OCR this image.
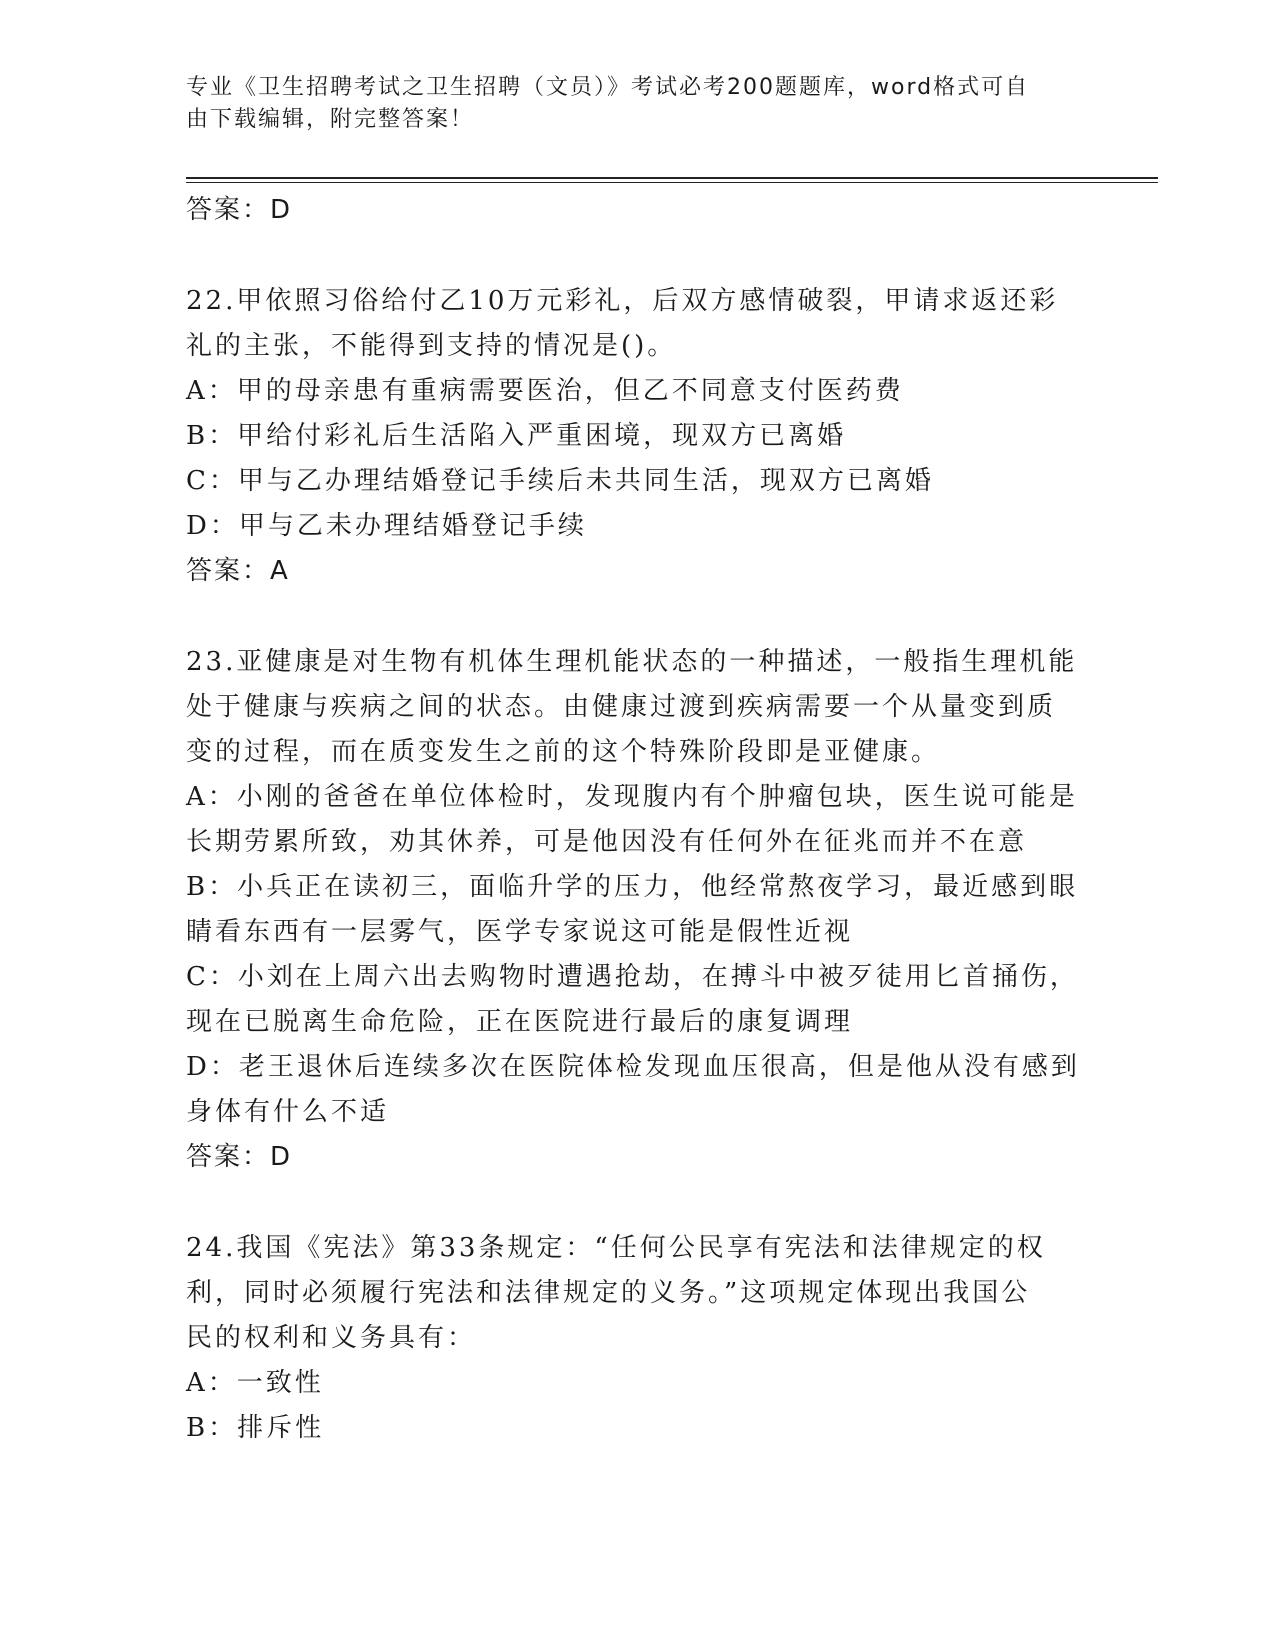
专业《卫生招聘考试之卫生招聘（文员）》考试必考200题题库，word格式可自
由下载编辑，附完整答案！
答案：D
22.甲依照习俗给付乙10万元彩礼，后双方感情破裂，甲请求返还彩
礼的主张，不能得到支持的情况是()。
A：甲的母亲患有重病需要医治，但乙不同意支付医药费
B：甲给付彩礼后生活陷入严重困境，现双方已离婚
C：甲与乙办理结婚登记手续后未共同生活，现双方已离婚
D：甲与乙未办理结婚登记手续
答案：A
23.亚健康是对生物有机体生理机能状态的一种描述，一般指生理机能
处于健康与疾病之间的状态。由健康过渡到疾病需要一个从量变到质
变的过程，而在质变发生之前的这个特殊阶段即是亚健康。
A：小刚的爸爸在单位体检时，发现腹内有个肿瘤包块，医生说可能是
长期劳累所致，劝其休养，可是他因没有任何外在征兆而并不在意
B：小兵正在读初三，面临升学的压力，他经常熬夜学习，最近感到眼
睛看东西有一层雾气，医学专家说这可能是假性近视
C：小刘在上周六出去购物时遭遇抢劫，在搏斗中被歹徒用匕首捅伤，
现在已脱离生命危险，正在医院进行最后的康复调理
D：老王退休后连续多次在医院体检发现血压很高，但是他从没有感到
身体有什么不适
答案：D
24.我国《宪法》第33条规定：“任何公民享有宪法和法律规定的权
利，同时必须履行宪法和法律规定的义务。”这项规定体现出我国公
民的权利和义务具有：
A：一致性
B：排斥性
